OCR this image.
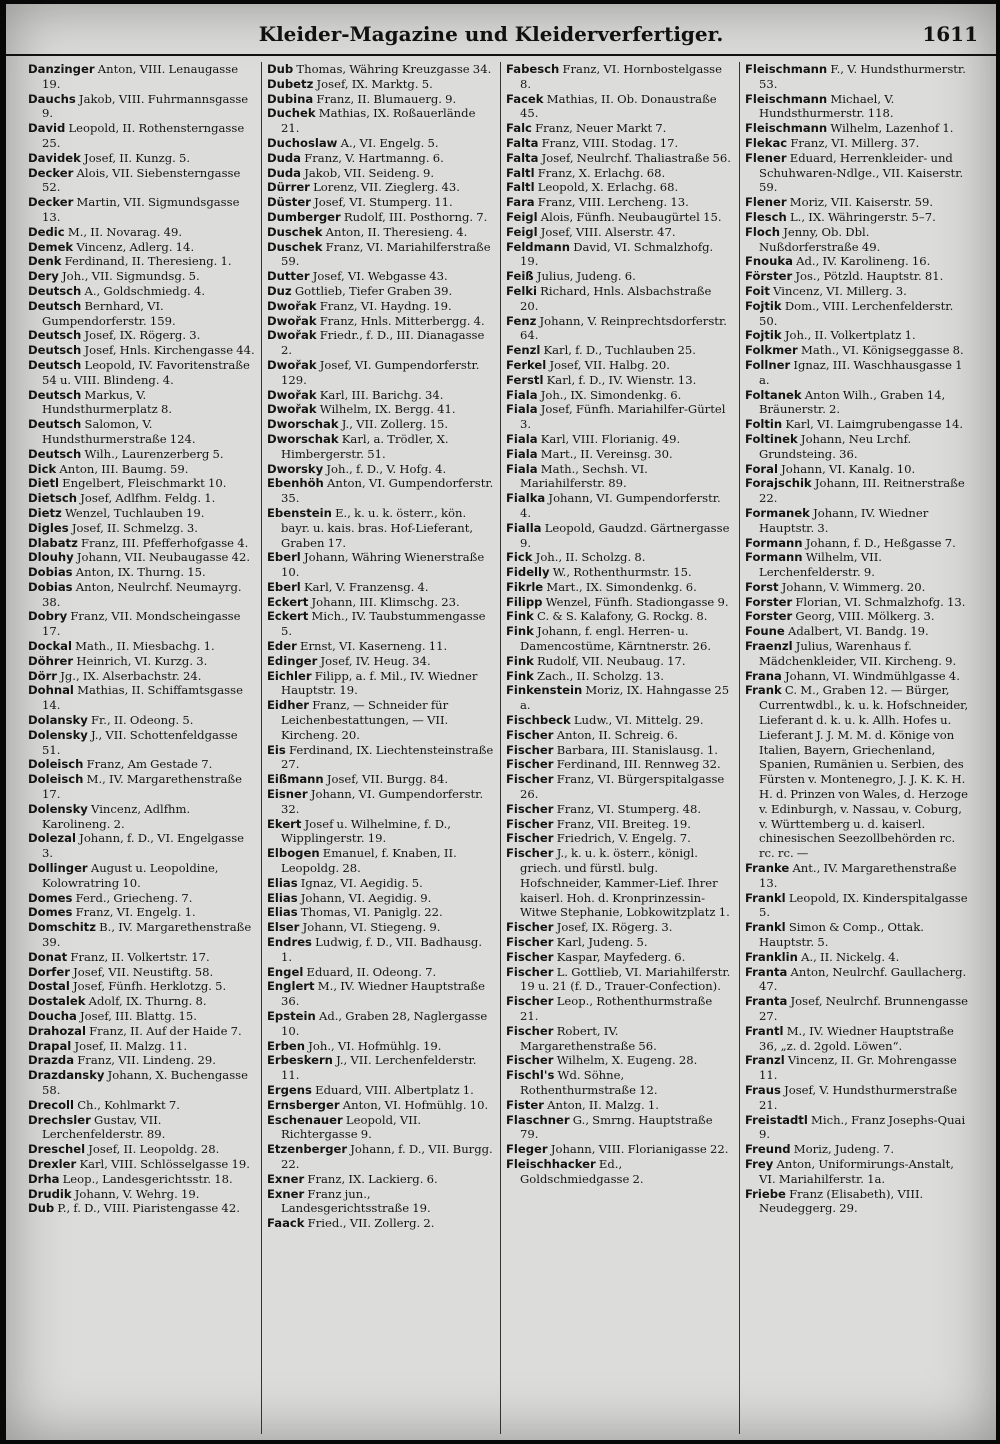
Kleider-Magazine und Kleiderverfertiger.	1611
Danzinger Anton, VIII. Lenaugasse 19.
Dauchs Jakob, VIII. Fuhrmannsgasse 9.
David Leopold, II. Rothensterngasse 25.
Davidek Josef, II. Kunzg. 5.
Decker Alois, VII. Siebensterngasse 52.
Decker Martin, VII. Sigmundsgasse 13.
Dedic M., II. Novarag. 49.
Demek Vincenz, Adlerg. 14.
Denk Ferdinand, II. Theresieng. 1.
Dery Joh., VII. Sigmundsg. 5.
Deutsch A., Goldschmiedg. 4.
Deutsch Bernhard, VI. Gumpendorferstr. 159.
Deutsch Josef, IX. Rögerg. 3.
Deutsch Josef, Hnls. Kirchengasse 44.
Deutsch Leopold, IV. Favoritenstraße 54 u. VIII. Blindeng. 4.
Deutsch Markus, V. Hundsthurmerplatz 8.
Deutsch Salomon, V. Hundsthurmerstraße 124.
Deutsch Wilh., Laurenzerberg 5.
Dick Anton, III. Baumg. 59.
Dietl Engelbert, Fleischmarkt 10.
Dietsch Josef, Adlfhm. Feldg. 1.
Dietz Wenzel, Tuchlauben 19.
Digles Josef, II. Schmelzg. 3.
Dlabatz Franz, III. Pfefferhofgasse 4.
Dlouhy Johann, VII. Neubaugasse 42.
Dobias Anton, IX. Thurng. 15.
Dobias Anton, Neulrchf. Neumayrg. 38.
Dobry Franz, VII. Mondscheingasse 17.
Dockal Math., II. Miesbachg. 1.
Döhrer Heinrich, VI. Kurzg. 3.
Dörr Jg., IX. Alserbachstr. 24.
Dohnal Mathias, II. Schiffamtsgasse 14.
Dolansky Fr., II. Odeong. 5.
Dolensky J., VII. Schottenfeldgasse 51.
Doleisch Franz, Am Gestade 7.
Doleisch M., IV. Margarethenstraße 17.
Dolensky Vincenz, Adlfhm. Karolineng. 2.
Dolezal Johann, f. D., VI. Engelgasse 3.
Dollinger August u. Leopoldine, Kolowratring 10.
Domes Ferd., Griecheng. 7.
Domes Franz, VI. Engelg. 1.
Domschitz B., IV. Margarethenstraße 39.
Donat Franz, II. Volkertstr. 17.
Dorfer Josef, VII. Neustiftg. 58.
Dostal Josef, Fünfh. Herklotzg. 5.
Dostalek Adolf, IX. Thurng. 8.
Doucha Josef, III. Blattg. 15.
Drahozal Franz, II. Auf der Haide 7.
Drapal Josef, II. Malzg. 11.
Drazda Franz, VII. Lindeng. 29.
Drazdansky Johann, X. Buchengasse 58.
Drecoll Ch., Kohlmarkt 7.
Drechsler Gustav, VII. Lerchenfelderstr. 89.
Dreschel Josef, II. Leopoldg. 28.
Drexler Karl, VIII. Schlösselgasse 19.
Drha Leop., Landesgerichtsstr. 18.
Drudik Johann, V. Wehrg. 19.
Dub P., f. D., VIII. Piaristengasse 42.
Dub Thomas, Währing Kreuzgasse 34.
Dubetz Josef, IX. Marktg. 5.
Dubina Franz, II. Blumauerg. 9.
Duchek Mathias, IX. Roßauerlände 21.
Duchoslaw A., VI. Engelg. 5.
Duda Franz, V. Hartmanng. 6.
Duda Jakob, VII. Seideng. 9.
Dürrer Lorenz, VII. Zieglerg. 43.
Düster Josef, VI. Stumperg. 11.
Dumberger Rudolf, III. Posthorng. 7.
Duschek Anton, II. Theresieng. 4.
Duschek Franz, VI. Mariahilferstraße 59.
Dutter Josef, VI. Webgasse 43.
Duz Gottlieb, Tiefer Graben 39.
Dwořak Franz, VI. Haydng. 19.
Dwořak Franz, Hnls. Mitterbergg. 4.
Dwořak Friedr., f. D., III. Dianagasse 2.
Dwořak Josef, VI. Gumpendorferstr. 129.
Dwořak Karl, III. Barichg. 34.
Dwořak Wilhelm, IX. Bergg. 41.
Dworschak J., VII. Zollerg. 15.
Dworschak Karl, a. Trödler, X. Himbergerstr. 51.
Dworsky Joh., f. D., V. Hofg. 4.
Ebenhöh Anton, VI. Gumpendorferstr. 35.
Ebenstein E., k. u. k. österr., kön. bayr. u. kais. bras. Hof-Lieferant, Graben 17.
Eberl Johann, Währing Wienerstraße 10.
Eberl Karl, V. Franzensg. 4.
Eckert Johann, III. Klimschg. 23.
Eckert Mich., IV. Taubstummengasse 5.
Eder Ernst, VI. Kaserneng. 11.
Edinger Josef, IV. Heug. 34.
Eichler Filipp, a. f. Mil., IV. Wiedner Hauptstr. 19.
Eidher Franz, — Schneider für Leichenbestattungen, — VII. Kircheng. 20.
Eis Ferdinand, IX. Liechtensteinstraße 27.
Eißmann Josef, VII. Burgg. 84.
Eisner Johann, VI. Gumpendorferstr. 32.
Ekert Josef u. Wilhelmine, f. D., Wipplingerstr. 19.
Elbogen Emanuel, f. Knaben, II. Leopoldg. 28.
Elias Ignaz, VI. Aegidig. 5.
Elias Johann, VI. Aegidig. 9.
Elias Thomas, VI. Paniglg. 22.
Elser Johann, VI. Stiegeng. 9.
Endres Ludwig, f. D., VII. Badhausg. 1.
Engel Eduard, II. Odeong. 7.
Englert M., IV. Wiedner Hauptstraße 36.
Epstein Ad., Graben 28, Naglergasse 10.
Erben Joh., VI. Hofmühlg. 19.
Erbeskern J., VII. Lerchenfelderstr. 11.
Ergens Eduard, VIII. Albertplatz 1.
Ernsberger Anton, VI. Hofmühlg. 10.
Eschenauer Leopold, VII. Richtergasse 9.
Etzenberger Johann, f. D., VII. Burgg. 22.
Exner Franz, IX. Lackierg. 6.
Exner Franz jun., Landesgerichtsstraße 19.
Faack Fried., VII. Zollerg. 2.
Fabesch Franz, VI. Hornbostelgasse 8.
Facek Mathias, II. Ob. Donaustraße 45.
Falc Franz, Neuer Markt 7.
Falta Franz, VIII. Stodag. 17.
Falta Josef, Neulrchf. Thaliastraße 56.
Faltl Franz, X. Erlachg. 68.
Faltl Leopold, X. Erlachg. 68.
Fara Franz, VIII. Lercheng. 13.
Feigl Alois, Fünfh. Neubaugürtel 15.
Feigl Josef, VIII. Alserstr. 47.
Feldmann David, VI. Schmalzhofg. 19.
Feiß Julius, Judeng. 6.
Felki Richard, Hnls. Alsbachstraße 20.
Fenz Johann, V. Reinprechtsdorferstr. 64.
Fenzl Karl, f. D., Tuchlauben 25.
Ferkel Josef, VII. Halbg. 20.
Ferstl Karl, f. D., IV. Wienstr. 13.
Fiala Joh., IX. Simondenkg. 6.
Fiala Josef, Fünfh. Mariahilfer-Gürtel 3.
Fiala Karl, VIII. Florianig. 49.
Fiala Mart., II. Vereinsg. 30.
Fiala Math., Sechsh. VI. Mariahilferstr. 89.
Fialka Johann, VI. Gumpendorferstr. 4.
Fialla Leopold, Gaudzd. Gärtnergasse 9.
Fick Joh., II. Scholzg. 8.
Fidelly W., Rothenthurmstr. 15.
Fikrle Mart., IX. Simondenkg. 6.
Filipp Wenzel, Fünfh. Stadiongasse 9.
Fink C. & S. Kalafony, G. Rockg. 8.
Fink Johann, f. engl. Herren- u. Damencostüme, Kärntnerstr. 26.
Fink Rudolf, VII. Neubaug. 17.
Fink Zach., II. Scholzg. 13.
Finkenstein Moriz, IX. Hahngasse 25 a.
Fischbeck Ludw., VI. Mittelg. 29.
Fischer Anton, II. Schreig. 6.
Fischer Barbara, III. Stanislausg. 1.
Fischer Ferdinand, III. Rennweg 32.
Fischer Franz, VI. Bürgerspitalgasse 26.
Fischer Franz, VI. Stumperg. 48.
Fischer Franz, VII. Breiteg. 19.
Fischer Friedrich, V. Engelg. 7.
Fischer J., k. u. k. österr., königl. griech. und fürstl. bulg. Hofschneider, Kammer-Lief. Ihrer kaiserl. Hoh. d. Kronprinzessin-Witwe Stephanie, Lobkowitzplatz 1.
Fischer Josef, IX. Rögerg. 3.
Fischer Karl, Judeng. 5.
Fischer Kaspar, Mayfederg. 6.
Fischer L. Gottlieb, VI. Mariahilferstr. 19 u. 21 (f. D., Trauer-Confection).
Fischer Leop., Rothenthurmstraße 21.
Fischer Robert, IV. Margarethenstraße 56.
Fischer Wilhelm, X. Eugeng. 28.
Fischl's Wd. Söhne, Rothenthurmstraße 12.
Fister Anton, II. Malzg. 1.
Flaschner G., Smrng. Hauptstraße 79.
Fleger Johann, VIII. Florianigasse 22.
Fleischhacker Ed., Goldschmiedgasse 2.
Fleischmann F., V. Hundsthurmerstr. 53.
Fleischmann Michael, V. Hundsthurmerstr. 118.
Fleischmann Wilhelm, Lazenhof 1.
Flekac Franz, VI. Millerg. 37.
Flener Eduard, Herrenkleider- und Schuhwaren-Ndlge., VII. Kaiserstr. 59.
Flener Moriz, VII. Kaiserstr. 59.
Flesch L., IX. Währingerstr. 5–7.
Floch Jenny, Ob. Dbl. Nußdorferstraße 49.
Fnouka Ad., IV. Karolineng. 16.
Förster Jos., Pötzld. Hauptstr. 81.
Foit Vincenz, VI. Millerg. 3.
Fojtik Dom., VIII. Lerchenfelderstr. 50.
Fojtik Joh., II. Volkertplatz 1.
Folkmer Math., VI. Königseggasse 8.
Follner Ignaz, III. Waschhausgasse 1 a.
Foltanek Anton Wilh., Graben 14, Bräunerstr. 2.
Foltin Karl, VI. Laimgrubengasse 14.
Foltinek Johann, Neu Lrchf. Grundsteing. 36.
Foral Johann, VI. Kanalg. 10.
Forajschik Johann, III. Reitnerstraße 22.
Formanek Johann, IV. Wiedner Hauptstr. 3.
Formann Johann, f. D., Heßgasse 7.
Formann Wilhelm, VII. Lerchenfelderstr. 9.
Forst Johann, V. Wimmerg. 20.
Forster Florian, VI. Schmalzhofg. 13.
Forster Georg, VIII. Mölkerg. 3.
Foune Adalbert, VI. Bandg. 19.
Fraenzl Julius, Warenhaus f. Mädchenkleider, VII. Kircheng. 9.
Frana Johann, VI. Windmühlgasse 4.
Frank C. M., Graben 12. — Bürger, Currentwdbl., k. u. k. Hofschneider, Lieferant d. k. u. k. Allh. Hofes u. Lieferant J. J. M. M. d. Könige von Italien, Bayern, Griechenland, Spanien, Rumänien u. Serbien, des Fürsten v. Montenegro, J. J. K. K. H. H. d. Prinzen von Wales, d. Herzoge v. Edinburgh, v. Nassau, v. Coburg, v. Württemberg u. d. kaiserl. chinesischen Seezollbehörden rc. rc. rc. —
Franke Ant., IV. Margarethenstraße 13.
Frankl Leopold, IX. Kinderspitalgasse 5.
Frankl Simon & Comp., Ottak. Hauptstr. 5.
Franklin A., II. Nickelg. 4.
Franta Anton, Neulrchf. Gaullacherg. 47.
Franta Josef, Neulrchf. Brunnengasse 27.
Frantl M., IV. Wiedner Hauptstraße 36, „z. d. 2gold. Löwen“.
Franzl Vincenz, II. Gr. Mohrengasse 11.
Fraus Josef, V. Hundsthurmerstraße 21.
Freistadtl Mich., Franz Josephs-Quai 9.
Freund Moriz, Judeng. 7.
Frey Anton, Uniformirungs-Anstalt, VI. Mariahilferstr. 1a.
Friebe Franz (Elisabeth), VIII. Neudeggerg. 29.
